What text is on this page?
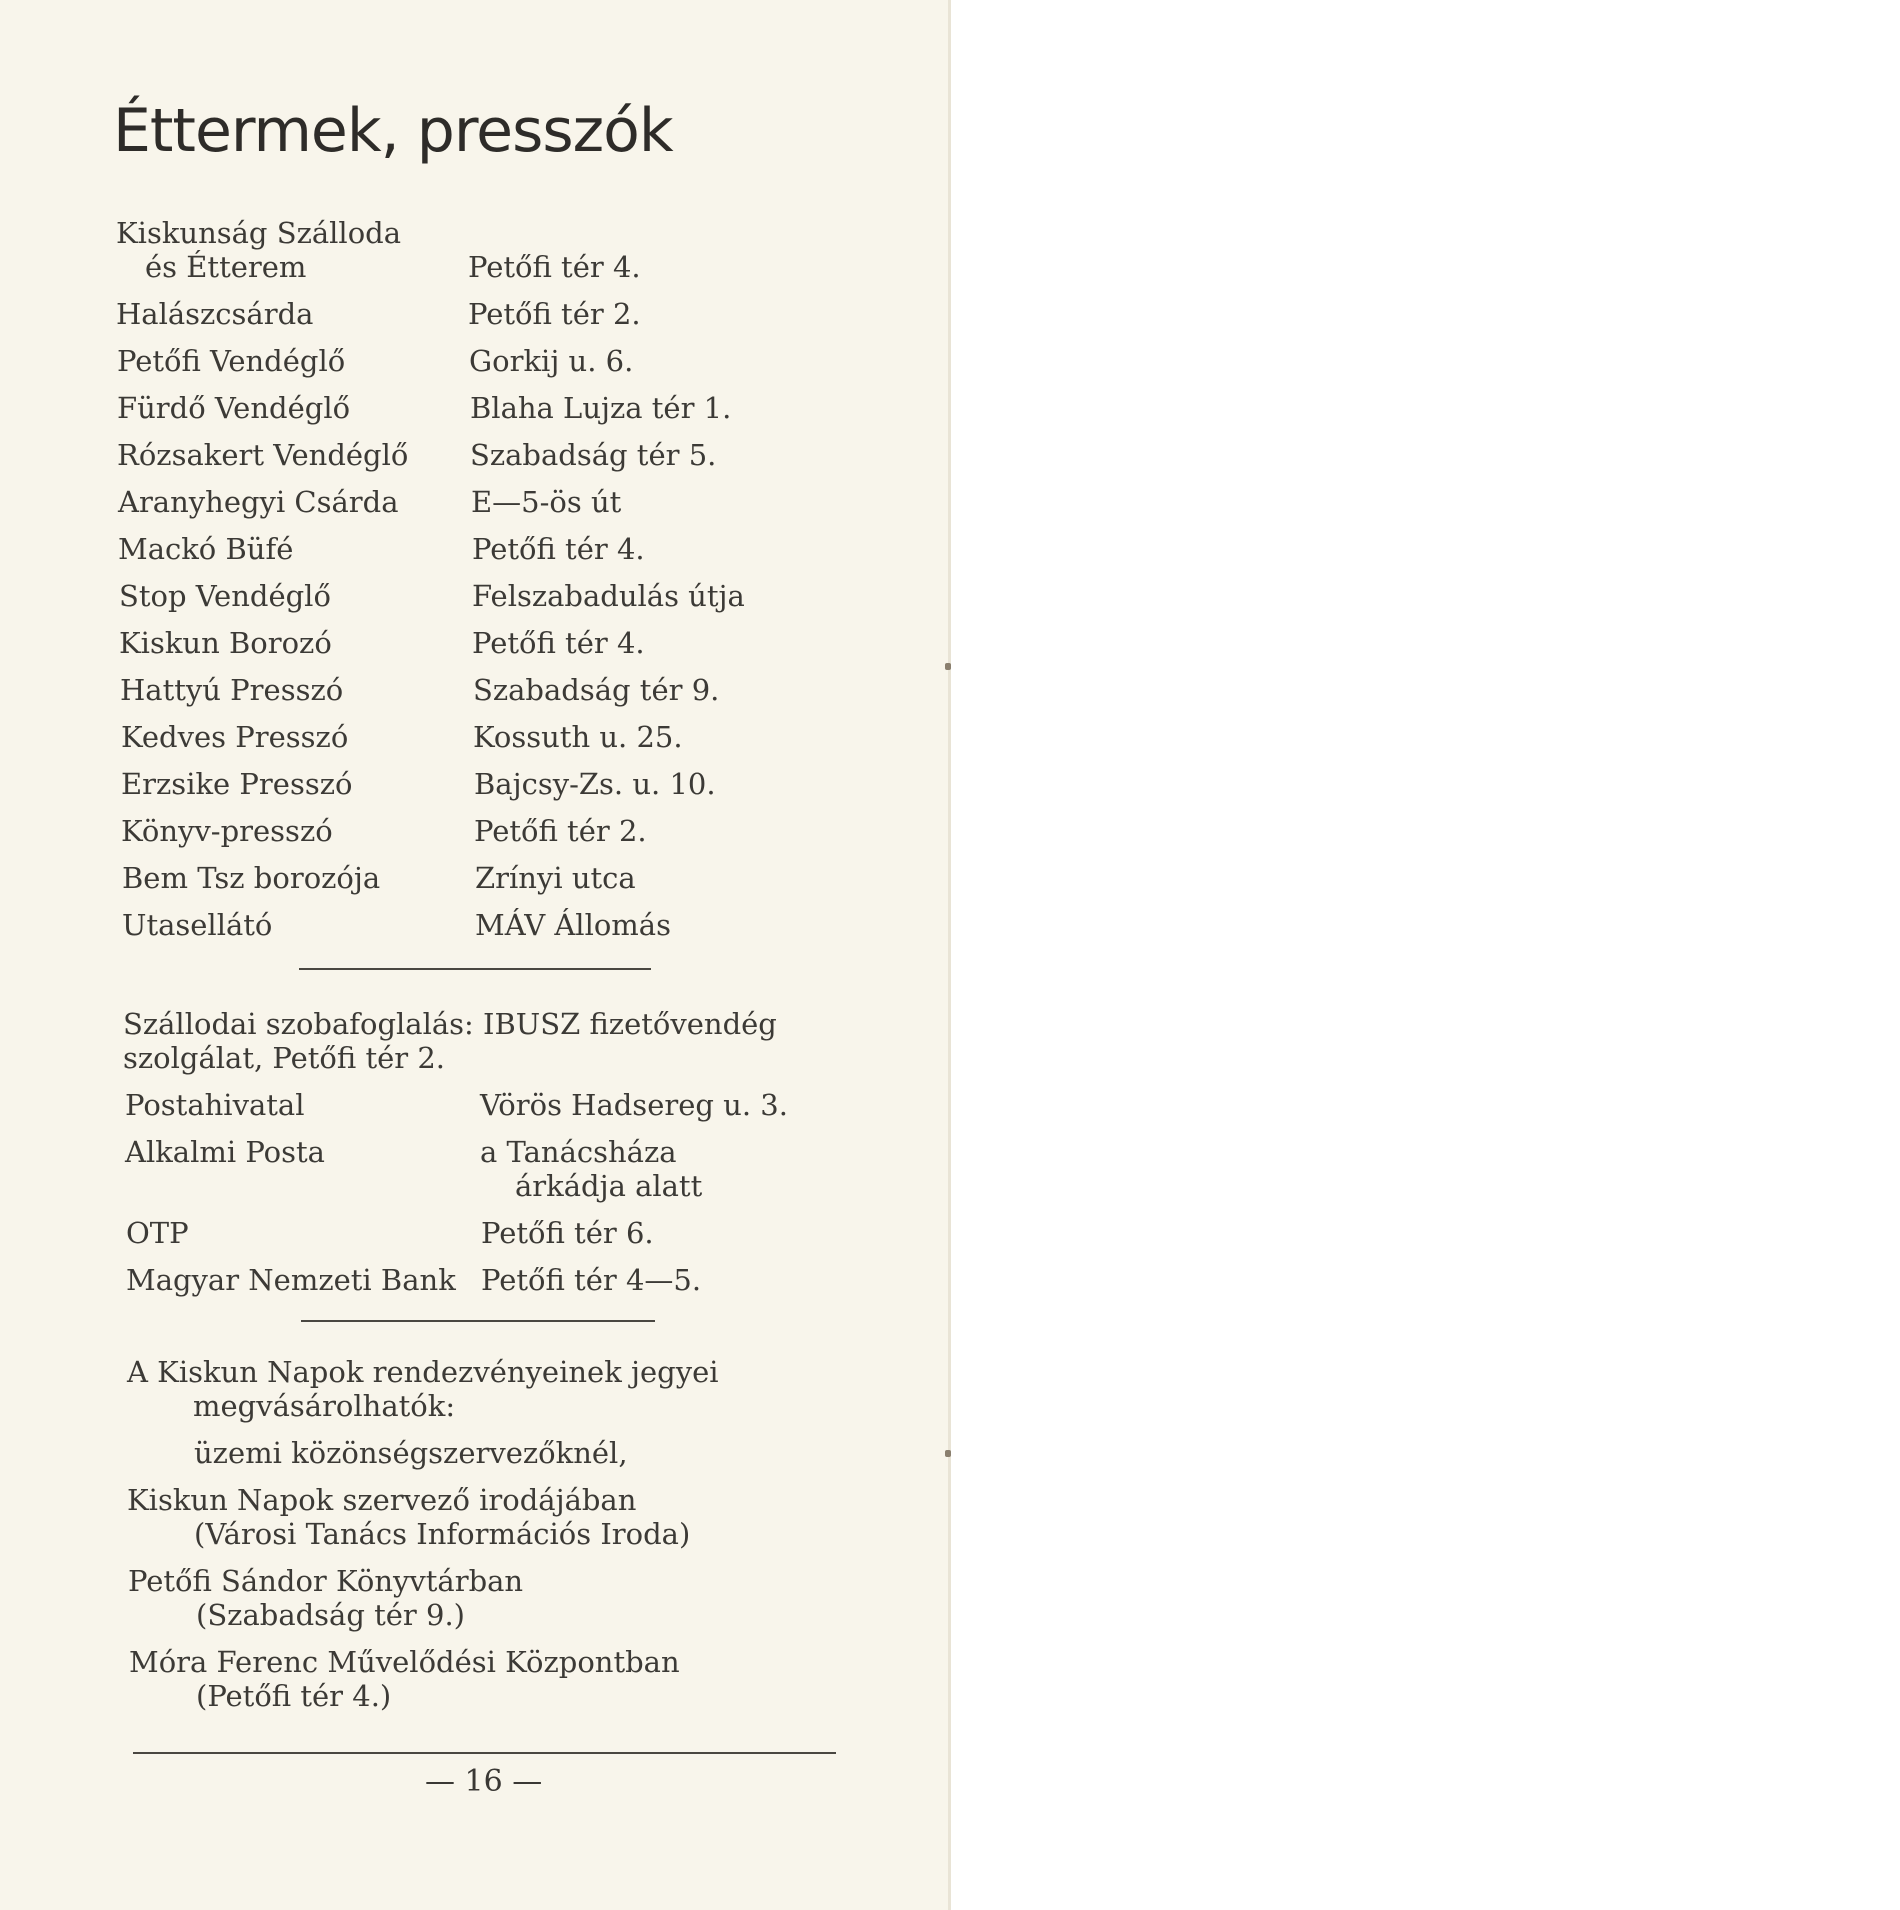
Éttermek, presszók
Kiskunság Szálloda
és Étterem	Petőfi tér 4.
Halászcsárda	Petőfi tér 2.
Petőfi Vendéglő	Gorkij u. 6.
Fürdő Vendéglő	Blaha Lujza tér 1.
Rózsakert Vendéglő Szabadság tér 5.
Aranyhegyi Csárda E—5-ös út
Mackó Büfé	Petőfi tér 4.
Stop Vendéglő	Felszabadulás útja
Kiskun Borozó	Petőfi tér 4.
Hattyú Presszó	Szabadság tér 9.
Kedves Presszó	Kossuth u. 25.
Erzsike Presszó	Bajcsy-Zs. u. 10.
Könyv-presszó	Petőfi tér 2.
Bem Tsz borozója	Zrínyi utca
Utasellátó	MÁV Állomás
Szállodai szobafoglalás: IBUSZ fizetővendég
szolgálat, Petőfi tér 2.
Postahivatal	Vörös Hadsereg u. 3.
Alkalmi Posta	a Tanácsháza
árkádja alatt
OTP	Petőfi tér 6.
Magyar Nemzeti Bank Petőfi tér 4—5.
A Kiskun Napok rendezvényeinek jegyei
megvásárolhatók:
üzemi közönségszervezőknél,
Kiskun Napok szervező irodájában
(Városi Tanács Információs Iroda)
Petőfi Sándor Könyvtárban
(Szabadság tér 9.)
Móra Ferenc Művelődési Központban
(Petőfi tér 4.)
— 16 —
